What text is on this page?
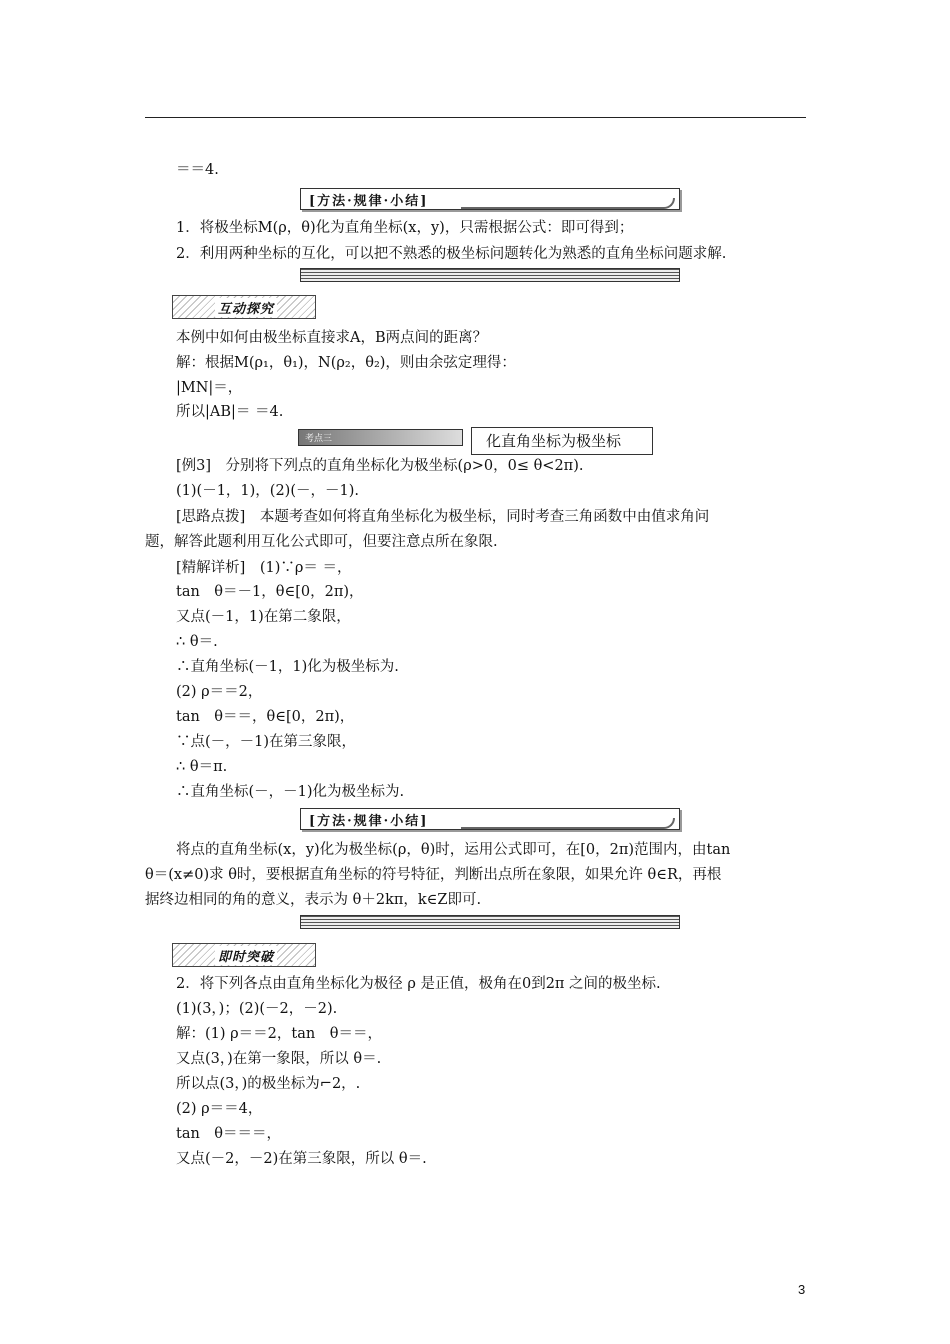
＝＝4.
[方法·规律·小结]
1．将极坐标M(ρ，θ)化为直角坐标(x，y)，只需根据公式：即可得到；
2．利用两种坐标的互化，可以把不熟悉的极坐标问题转化为熟悉的直角坐标问题求解.
互动探究
本例中如何由极坐标直接求A，B两点间的距离？
解：根据M(ρ₁，θ₁)，N(ρ₂，θ₂)，则由余弦定理得：
|MN|＝，
所以|AB|＝ ＝4.
考点三	化直角坐标为极坐标
[例3]　分别将下列点的直角坐标化为极坐标(ρ>0，0≤ θ<2π).
(1)(－1，1)，(2)(－，－1).
[思路点拨]　本题考查如何将直角坐标化为极坐标，同时考查三角函数中由值求角问
题，解答此题利用互化公式即可，但要注意点所在象限.
[精解详析]　(1)∵ρ＝ ＝，
tan　θ＝－1，θ∈[0，2π)，
又点(－1，1)在第二象限，
∴ θ＝.
∴直角坐标(－1，1)化为极坐标为.
(2) ρ＝＝2，
tan　θ＝＝，θ∈[0，2π)，
∵点(－，－1)在第三象限，
∴ θ＝π.
∴直角坐标(－，－1)化为极坐标为.
[方法·规律·小结]
将点的直角坐标(x，y)化为极坐标(ρ，θ)时，运用公式即可，在[0，2π)范围内，由tan
θ＝(x≠0)求 θ时，要根据直角坐标的符号特征，判断出点所在象限，如果允许 θ∈R，再根
据终边相同的角的意义，表示为 θ＋2kπ，k∈Z即可.
即时突破
2．将下列各点由直角坐标化为极径 ρ 是正值，极角在0到2π 之间的极坐标.
(1)(3，)；(2)(－2，－2).
解：(1) ρ＝＝2，tan　θ＝＝，
又点(3，)在第一象限，所以 θ＝.
所以点(3，)的极坐标为⌐2，.
(2) ρ＝＝4，
tan　θ＝＝＝，
又点(－2，－2)在第三象限，所以 θ＝.
3
